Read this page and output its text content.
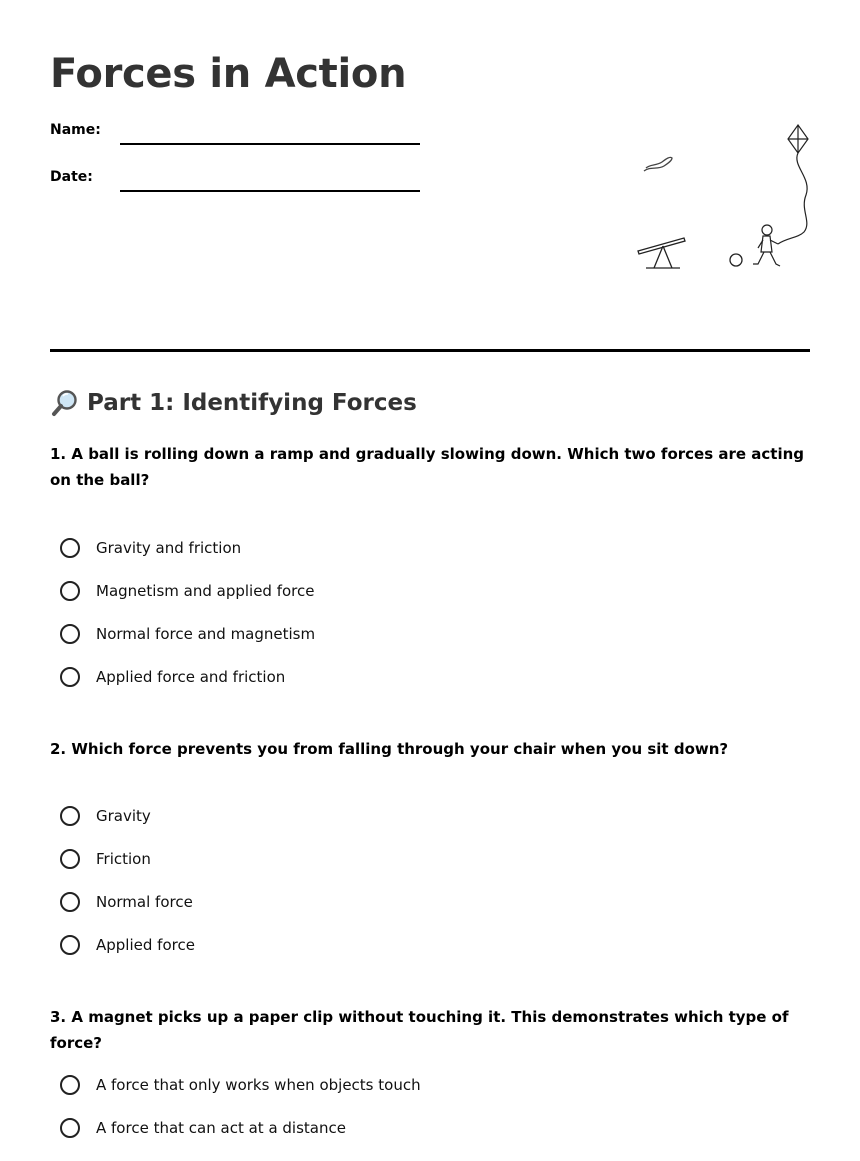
Forces in Action
Name:
Date:
Part 1: Identifying Forces

1. A ball is rolling down a ramp and gradually slowing down. Which two forces are acting on the ball?

Gravity and friction
Magnetism and applied force
Normal force and magnetism
Applied force and friction

2. Which force prevents you from falling through your chair when you sit down?

Gravity
Friction
Normal force
Applied force

3. A magnet picks up a paper clip without touching it. This demonstrates which type of force?

A force that only works when objects touch
A force that can act at a distance
